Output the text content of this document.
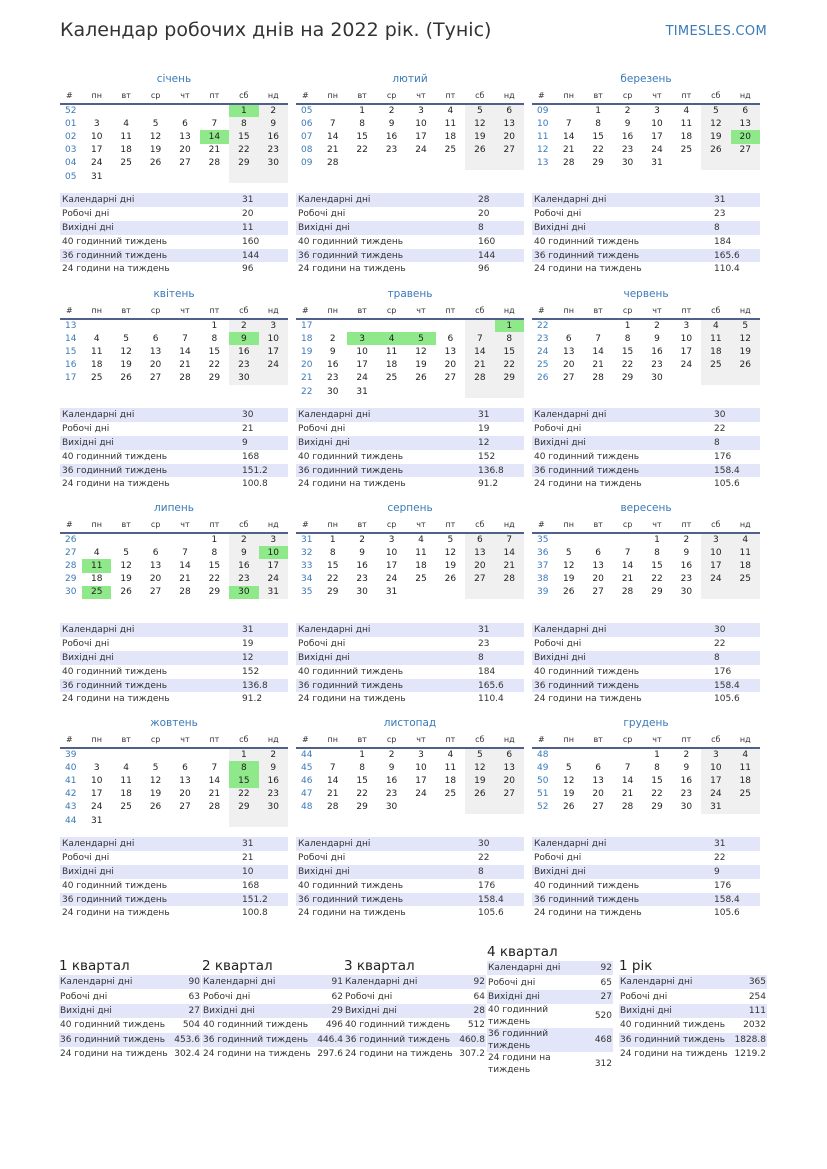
Календар робочих днів на 2022 рік. (Туніс)	TIMESLES.COM
січень
#	пн	вт	ср	чт	пт	сб	нд
52						1	2
01	3	4	5	6	7	8	9
02	10	11	12	13	14	15	16
03	17	18	19	20	21	22	23
04	24	25	26	27	28	29	30
05	31						
Календарні дні	31
Робочі дні	20
Вихідні дні	11
40 годинний тиждень	160
36 годинний тиждень	144
24 години на тиждень	96
лютий
#	пн	вт	ср	чт	пт	сб	нд
05		1	2	3	4	5	6
06	7	8	9	10	11	12	13
07	14	15	16	17	18	19	20
08	21	22	23	24	25	26	27
09	28						
Календарні дні	28
Робочі дні	20
Вихідні дні	8
40 годинний тиждень	160
36 годинний тиждень	144
24 години на тиждень	96
березень
#	пн	вт	ср	чт	пт	сб	нд
09		1	2	3	4	5	6
10	7	8	9	10	11	12	13
11	14	15	16	17	18	19	20
12	21	22	23	24	25	26	27
13	28	29	30	31			
Календарні дні	31
Робочі дні	23
Вихідні дні	8
40 годинний тиждень	184
36 годинний тиждень	165.6
24 години на тиждень	110.4
квітень
#	пн	вт	ср	чт	пт	сб	нд
13					1	2	3
14	4	5	6	7	8	9	10
15	11	12	13	14	15	16	17
16	18	19	20	21	22	23	24
17	25	26	27	28	29	30	
Календарні дні	30
Робочі дні	21
Вихідні дні	9
40 годинний тиждень	168
36 годинний тиждень	151.2
24 години на тиждень	100.8
травень
#	пн	вт	ср	чт	пт	сб	нд
17							1
18	2	3	4	5	6	7	8
19	9	10	11	12	13	14	15
20	16	17	18	19	20	21	22
21	23	24	25	26	27	28	29
22	30	31					
Календарні дні	31
Робочі дні	19
Вихідні дні	12
40 годинний тиждень	152
36 годинний тиждень	136.8
24 години на тиждень	91.2
червень
#	пн	вт	ср	чт	пт	сб	нд
22			1	2	3	4	5
23	6	7	8	9	10	11	12
24	13	14	15	16	17	18	19
25	20	21	22	23	24	25	26
26	27	28	29	30			
Календарні дні	30
Робочі дні	22
Вихідні дні	8
40 годинний тиждень	176
36 годинний тиждень	158.4
24 години на тиждень	105.6
липень
#	пн	вт	ср	чт	пт	сб	нд
26					1	2	3
27	4	5	6	7	8	9	10
28	11	12	13	14	15	16	17
29	18	19	20	21	22	23	24
30	25	26	27	28	29	30	31
Календарні дні	31
Робочі дні	19
Вихідні дні	12
40 годинний тиждень	152
36 годинний тиждень	136.8
24 години на тиждень	91.2
серпень
#	пн	вт	ср	чт	пт	сб	нд
31	1	2	3	4	5	6	7
32	8	9	10	11	12	13	14
33	15	16	17	18	19	20	21
34	22	23	24	25	26	27	28
35	29	30	31				
Календарні дні	31
Робочі дні	23
Вихідні дні	8
40 годинний тиждень	184
36 годинний тиждень	165.6
24 години на тиждень	110.4
вересень
#	пн	вт	ср	чт	пт	сб	нд
35				1	2	3	4
36	5	6	7	8	9	10	11
37	12	13	14	15	16	17	18
38	19	20	21	22	23	24	25
39	26	27	28	29	30		
Календарні дні	30
Робочі дні	22
Вихідні дні	8
40 годинний тиждень	176
36 годинний тиждень	158.4
24 години на тиждень	105.6
жовтень
#	пн	вт	ср	чт	пт	сб	нд
39						1	2
40	3	4	5	6	7	8	9
41	10	11	12	13	14	15	16
42	17	18	19	20	21	22	23
43	24	25	26	27	28	29	30
44	31						
Календарні дні	31
Робочі дні	21
Вихідні дні	10
40 годинний тиждень	168
36 годинний тиждень	151.2
24 години на тиждень	100.8
листопад
#	пн	вт	ср	чт	пт	сб	нд
44		1	2	3	4	5	6
45	7	8	9	10	11	12	13
46	14	15	16	17	18	19	20
47	21	22	23	24	25	26	27
48	28	29	30				
Календарні дні	30
Робочі дні	22
Вихідні дні	8
40 годинний тиждень	176
36 годинний тиждень	158.4
24 години на тиждень	105.6
грудень
#	пн	вт	ср	чт	пт	сб	нд
48				1	2	3	4
49	5	6	7	8	9	10	11
50	12	13	14	15	16	17	18
51	19	20	21	22	23	24	25
52	26	27	28	29	30	31	
Календарні дні	31
Робочі дні	22
Вихідні дні	9
40 годинний тиждень	176
36 годинний тиждень	158.4
24 години на тиждень	105.6
1 квартал
Календарні дні	90
Робочі дні	63
Вихідні дні	27
40 годинний тиждень	504
36 годинний тиждень	453.6
24 години на тиждень	302.4
2 квартал
Календарні дні	91
Робочі дні	62
Вихідні дні	29
40 годинний тиждень	496
36 годинний тиждень	446.4
24 години на тиждень	297.6
3 квартал
Календарні дні	92
Робочі дні	64
Вихідні дні	28
40 годинний тиждень	512
36 годинний тиждень	460.8
24 години на тиждень	307.2
4 квартал
Календарні дні	92
Робочі дні	65
Вихідні дні	27
40 годинний тиждень	520
36 годинний тиждень	468
24 години на тиждень	312
1 рік
Календарні дні	365
Робочі дні	254
Вихідні дні	111
40 годинний тиждень	2032
36 годинний тиждень	1828.8
24 години на тиждень	1219.2
